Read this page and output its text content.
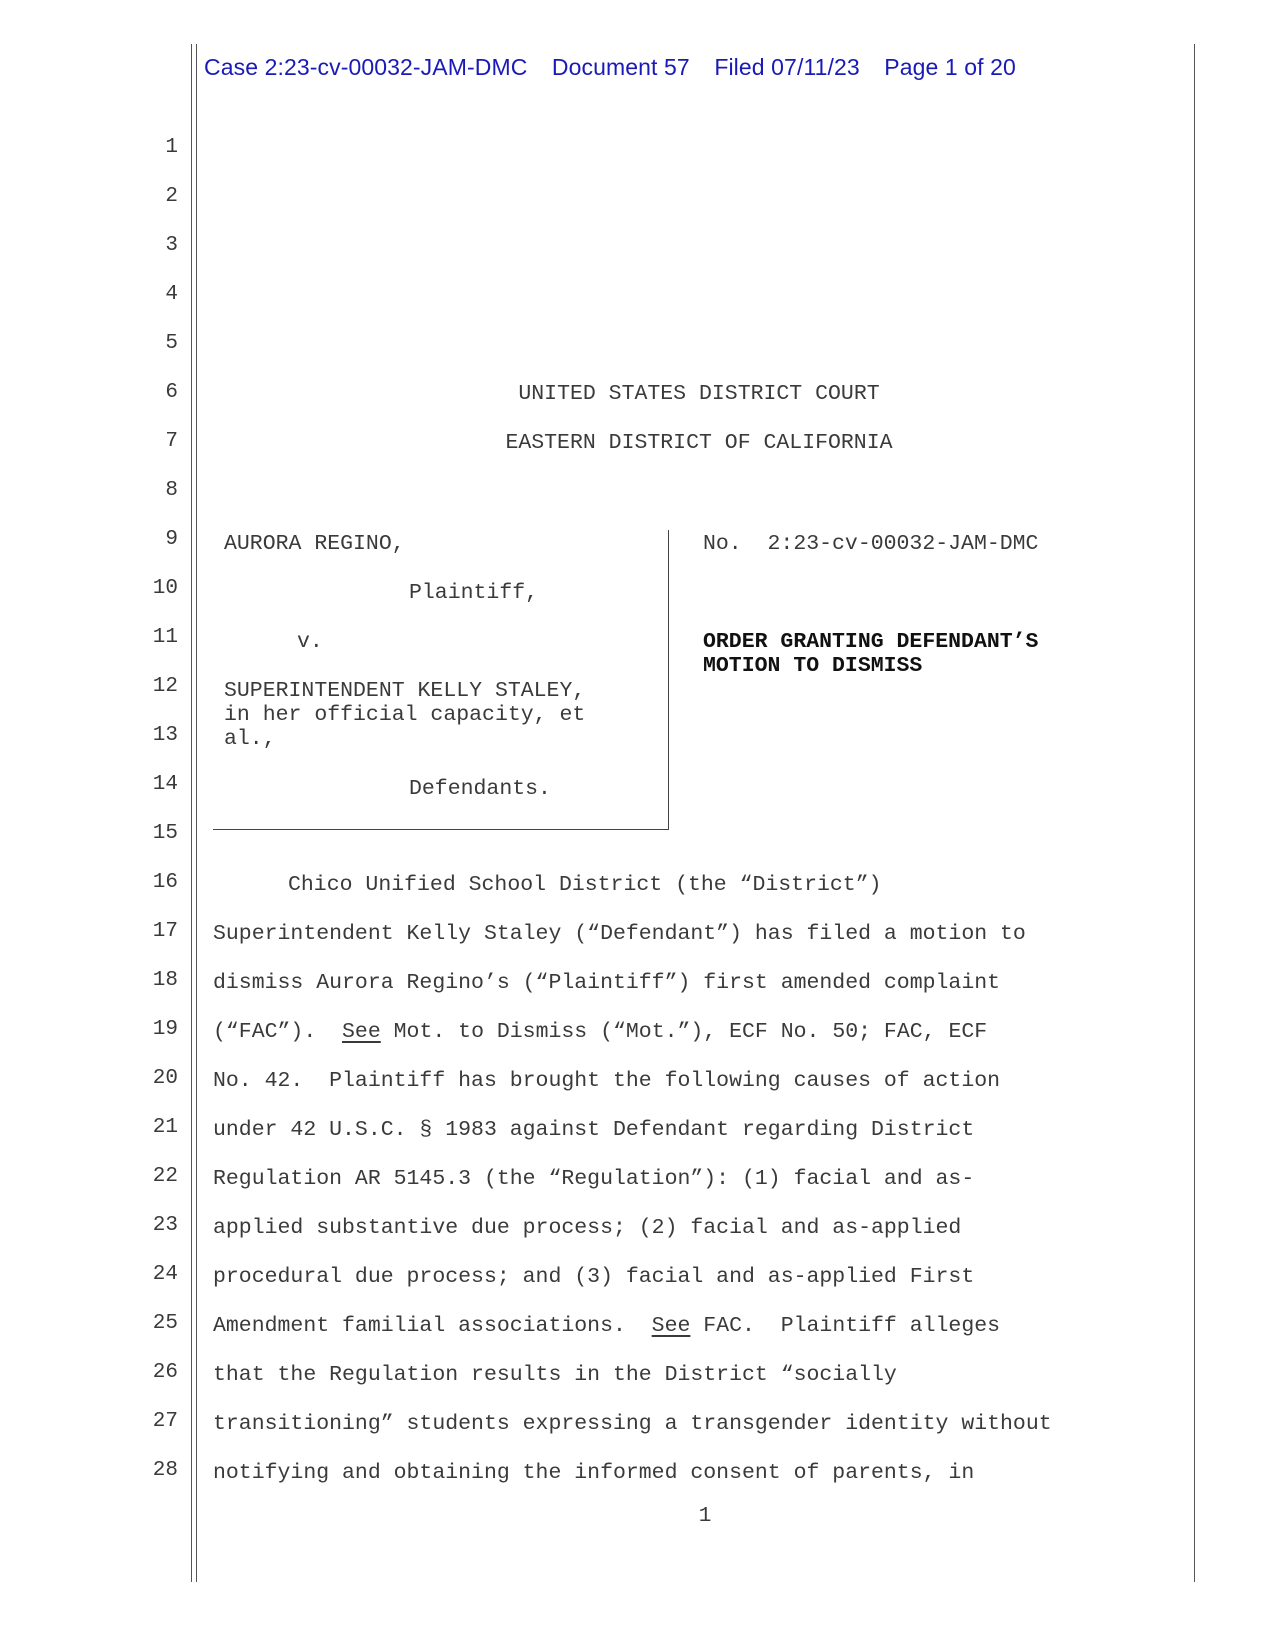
Case 2:23-cv-00032-JAM-DMC Document 57 Filed 07/11/23 Page 1 of 20
1
2
3
4
5
6
7
8
9
10
11
12
13
14
15
16
17
18
19
20
21
22
23
24
25
26
27
28
UNITED STATES DISTRICT COURT
EASTERN DISTRICT OF CALIFORNIA
AURORA REGINO,
Plaintiff,
v.
SUPERINTENDENT KELLY STALEY,
in her official capacity, et
al.,
Defendants.
No.  2:23-cv-00032-JAM-DMC
ORDER GRANTING DEFENDANT’S
MOTION TO DISMISS
Chico Unified School District (the “District”)
Superintendent Kelly Staley (“Defendant”) has filed a motion to
dismiss Aurora Regino’s (“Plaintiff”) first amended complaint
(“FAC”).  See Mot. to Dismiss (“Mot.”), ECF No. 50; FAC, ECF
No. 42.  Plaintiff has brought the following causes of action
under 42 U.S.C. § 1983 against Defendant regarding District
Regulation AR 5145.3 (the “Regulation”): (1) facial and as-
applied substantive due process; (2) facial and as-applied
procedural due process; and (3) facial and as-applied First
Amendment familial associations.  See FAC.  Plaintiff alleges
that the Regulation results in the District “socially
transitioning” students expressing a transgender identity without
notifying and obtaining the informed consent of parents, in
1
